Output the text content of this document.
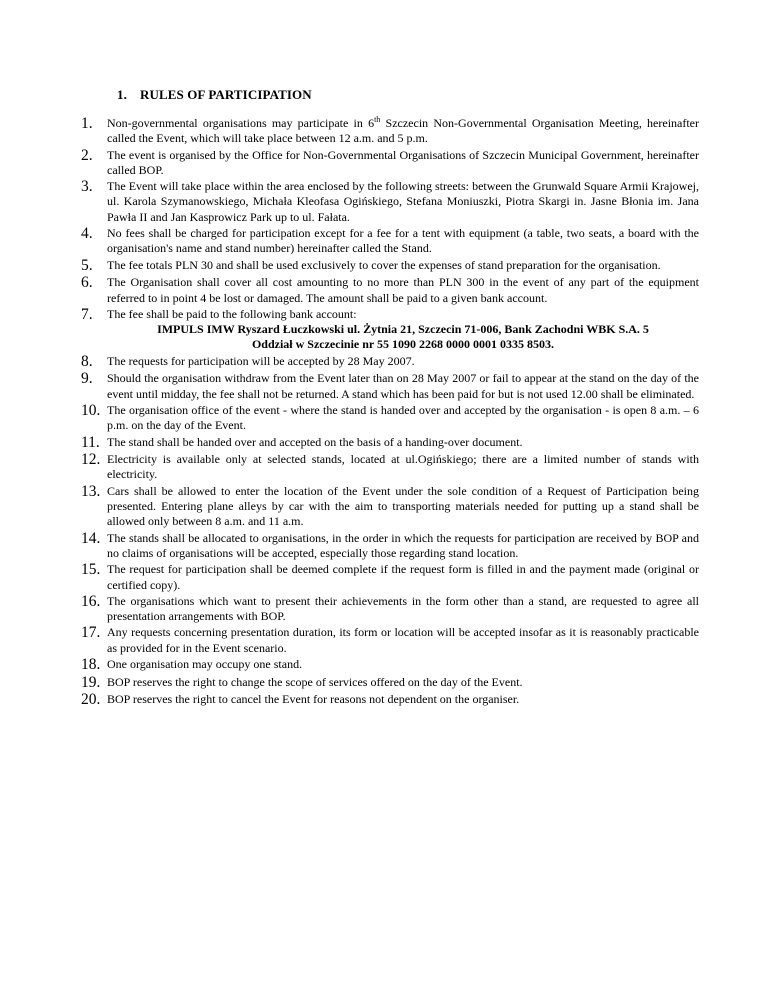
1. RULES OF PARTICIPATION
1.	Non-governmental organisations may participate in 6th Szczecin Non-Governmental Organisation Meeting, hereinafter called the Event, which will take place between 12 a.m. and 5 p.m.
2.	The event is organised by the Office for Non-Governmental Organisations of Szczecin Municipal Government, hereinafter called BOP.
3.	The Event will take place within the area enclosed by the following streets: between the Grunwald Square Armii Krajowej, ul. Karola Szymanowskiego, Michała Kleofasa Ogińskiego, Stefana Moniuszki, Piotra Skargi in. Jasne Błonia im. Jana Pawła II and Jan Kasprowicz Park up to ul. Fałata.
4.	No fees shall be charged for participation except for a fee for a tent with equipment (a table, two seats, a board with the organisation's name and stand number) hereinafter called the Stand.
5.	The fee totals PLN 30 and shall be used exclusively to cover the expenses of stand preparation for the organisation.
6.	The Organisation shall cover all cost amounting to no more than PLN 300 in the event of any part of the equipment referred to in point 4 be lost or damaged. The amount shall be paid to a given bank account.
7.	The fee shall be paid to the following bank account:
IMPULS IMW Ryszard Łuczkowski ul. Żytnia 21, Szczecin 71-006, Bank Zachodni WBK S.A. 5
Oddział w Szczecinie nr 55 1090 2268 0000 0001 0335 8503.
8.	The requests for participation will be accepted by 28 May 2007.
9.	Should the organisation withdraw from the Event later than on 28 May 2007 or fail to appear at the stand on the day of the event until midday, the fee shall not be returned. A stand which has been paid for but is not used 12.00 shall be eliminated.
10. The organisation office of the event - where the stand is handed over and accepted by the organisation - is open 8 a.m. – 6 p.m. on the day of the Event.
11. The stand shall be handed over and accepted on the basis of a handing-over document.
12. Electricity is available only at selected stands, located at ul.Ogińskiego; there are a limited number of stands with electricity.
13. Cars shall be allowed to enter the location of the Event under the sole condition of a Request of Participation being presented. Entering plane alleys by car with the aim to transporting materials needed for putting up a stand shall be allowed only between 8 a.m. and 11 a.m.
14. The stands shall be allocated to organisations, in the order in which the requests for participation are received by BOP and no claims of organisations will be accepted, especially those regarding stand location.
15. The request for participation shall be deemed complete if the request form is filled in and the payment made (original or certified copy).
16. The organisations which want to present their achievements in the form other than a stand, are requested to agree all presentation arrangements with BOP.
17. Any requests concerning presentation duration, its form or location will be accepted insofar as it is reasonably practicable as provided for in the Event scenario.
18. One organisation may occupy one stand.
19. BOP reserves the right to change the scope of services offered on the day of the Event.
20. BOP reserves the right to cancel the Event for reasons not dependent on the organiser.
